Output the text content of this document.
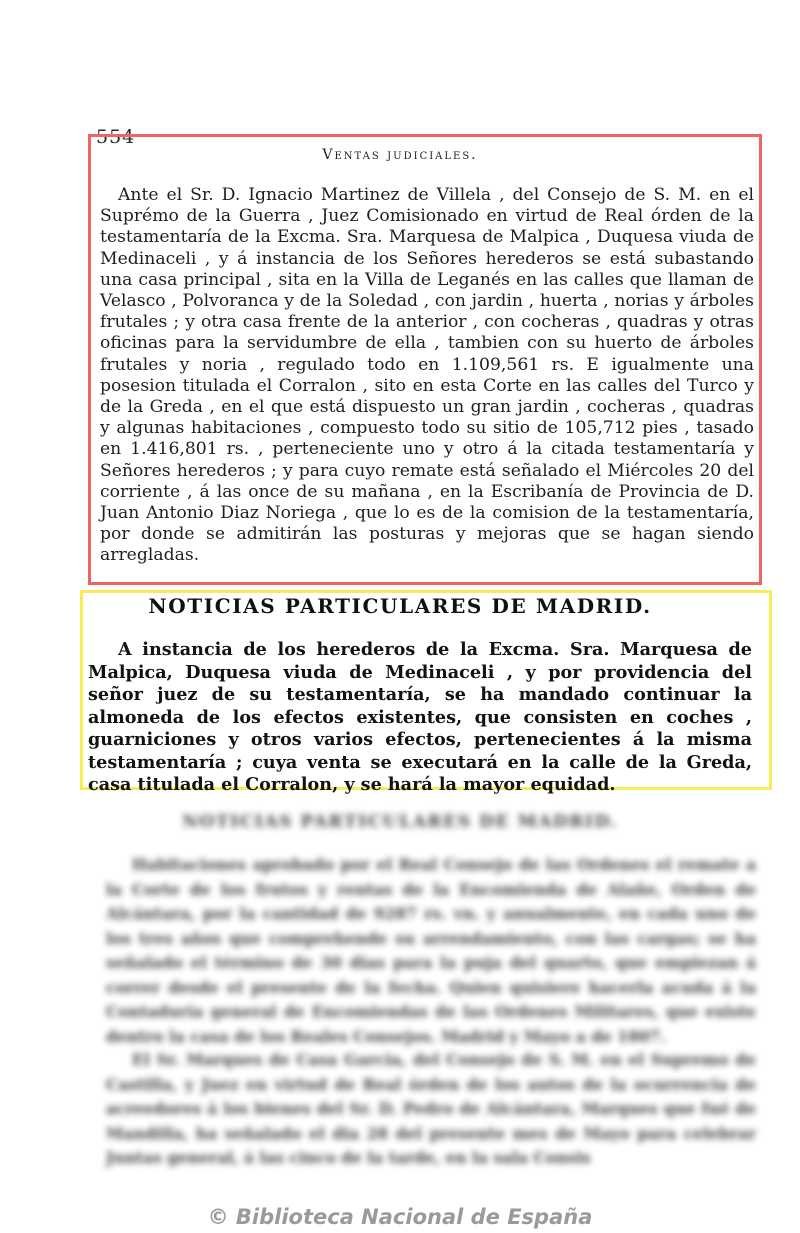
554
Ventas judiciales.

Ante el Sr. D. Ignacio Martinez de Villela , del Consejo de S. M. en el Suprémo de la Guerra , Juez Comisionado en virtud de Real órden de la testamentaría de la Excma. Sra. Marquesa de Malpica , Duquesa viuda de Medinaceli , y á instancia de los Señores herederos se está subastando una casa principal , sita en la Villa de Leganés en las calles que llaman de Velasco , Polvoranca y de la Soledad , con jardin , huerta , norias y árboles frutales ; y otra casa frente de la anterior , con cocheras , quadras y otras oficinas para la servidumbre de ella , tambien con su huerto de árboles frutales y noria , regulado todo en 1.109,561 rs. E igualmente una posesion titulada el Corralon , sito en esta Corte en las calles del Turco y de la Greda , en el que está dispuesto un gran jardin , cocheras , quadras y algunas habitaciones , compuesto todo su sitio de 105,712 pies , tasado en 1.416,801 rs. , perteneciente uno y otro á la citada testamentaría y Señores herederos ; y para cuyo remate está señalado el Miércoles 20 del corriente , á las once de su mañana , en la Escribanía de Provincia de D. Juan Antonio Diaz Noriega , que lo es de la comision de la testamentaría, por donde se admitirán las posturas y mejoras que se hagan siendo arregladas.

NOTICIAS PARTICULARES DE MADRID.

A instancia de los herederos de la Excma. Sra. Marquesa de Malpica, Duquesa viuda de Medinaceli , y por providencia del señor juez de su testamentaría, se ha mandado continuar la almoneda de los efectos existentes, que consisten en coches , guarniciones y otros varios efectos, pertenecientes á la misma testamentaría ; cuya venta se executará en la calle de la Greda, casa titulada el Corralon, y se hará la mayor equidad.

NOTICIAS PARTICULARES DE MADRID.

Habitaciones aprobado por el Real Consejo de las Ordenes el remate a la Corte de los frutos y rentas de la Encomienda de Alañe, Orden de Alcántara, por la cantidad de 9287 rs. vn. y anualmente, en cada uno de los tres años que comprehende su arrendamiento, con las cargas; se ha señalado el término de 30 dias para la puja del quarto, que empiezan á correr desde el presente de la fecha. Quien quisiere hacerla acuda á la Contaduría general de Encomiendas de las Ordenes Militares, que existe dentro la casa de los Reales Consejos. Madrid y Mayo a de 1807.

El Sr. Marques de Casa Garcia, del Consejo de S. M. en el Supremo de Castilla, y Juez en virtud de Real órden de los autos de la ocurrencia de acreedores á los bienes del Sr. D. Pedro de Alcántara, Marques que fué de Mandilla, ha señalado el dia 28 del presente mes de Mayo para celebrar Juntas general, á las cinco de la tarde, en la sala Consis

© Biblioteca Nacional de España
